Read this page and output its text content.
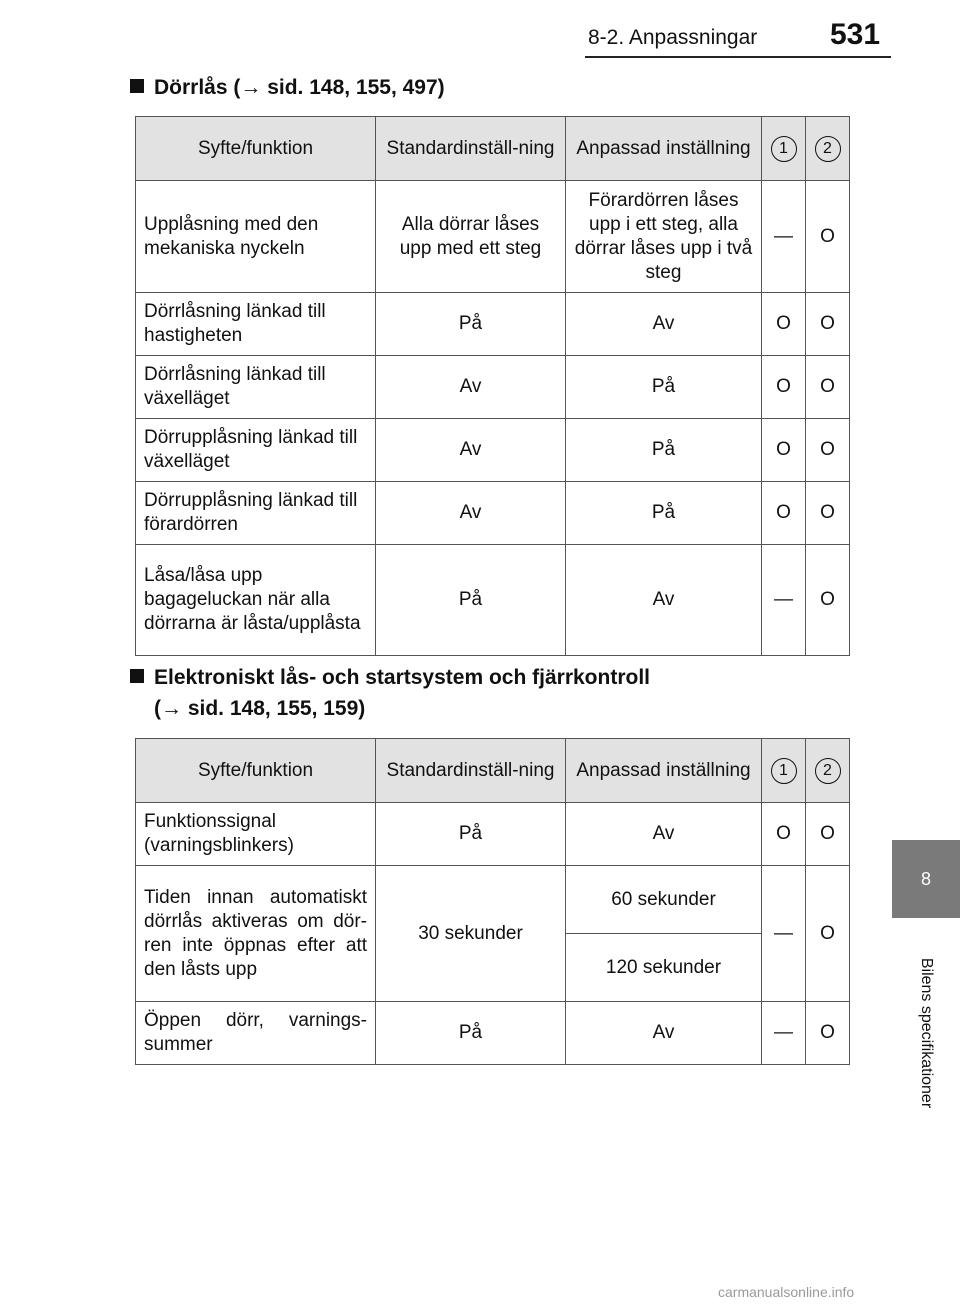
8-2. Anpassningar 531
8
Bilens specifikationer
Dörrlås (→ sid. 148, 155, 497)
Syfte/funktion	Standardinställ-ning	Anpassad inställning	1	2
Upplåsning med den mekaniska nyckeln	Alla dörrar låses upp med ett steg	Förardörren låses upp i ett steg, alla dörrar låses upp i två steg	—	O
Dörrlåsning länkad till hastigheten	På	Av	O	O
Dörrlåsning länkad till växelläget	Av	På	O	O
Dörrupplåsning länkad till växelläget	Av	På	O	O
Dörrupplåsning länkad till förardörren	Av	På	O	O
Låsa/låsa upp bagageluckan när alla dörrarna är låsta/upplåsta	På	Av	—	O
Elektroniskt lås- och startsystem och fjärrkontroll
(→ sid. 148, 155, 159)
Syfte/funktion	Standardinställ-ning	Anpassad inställning	1	2
Funktionssignal (varningsblinkers)	På	Av	O	O
Tiden innan automatiskt dörrlås aktiveras om dör-ren inte öppnas efter att den låsts upp	30 sekunder	60 sekunder	—	O
		120 sekunder		
Öppen dörr, varnings-summer	På	Av	—	O
carmanualsonline.info
